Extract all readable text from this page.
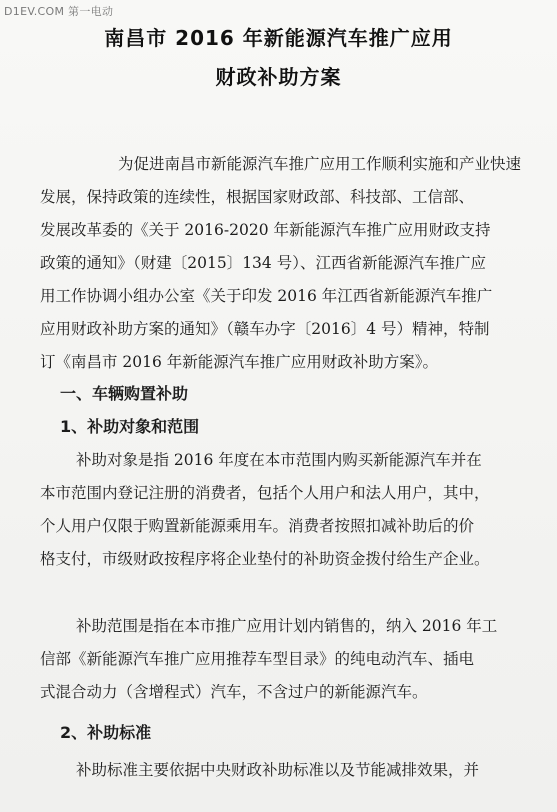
D1EV.COM 第一电动
南昌市 2016 年新能源汽车推广应用
财政补助方案
为促进南昌市新能源汽车推广应用工作顺利实施和产业快速
发展，保持政策的连续性，根据国家财政部、科技部、工信部、
发展改革委的《关于 2016-2020 年新能源汽车推广应用财政支持
政策的通知》（财建〔2015〕134 号）、江西省新能源汽车推广应
用工作协调小组办公室《关于印发 2016 年江西省新能源汽车推广
应用财政补助方案的通知》（赣车办字〔2016〕4 号）精神，特制
订《南昌市 2016 年新能源汽车推广应用财政补助方案》。
一、车辆购置补助
1、补助对象和范围
补助对象是指 2016 年度在本市范围内购买新能源汽车并在
本市范围内登记注册的消费者，包括个人用户和法人用户，其中，
个人用户仅限于购置新能源乘用车。消费者按照扣减补助后的价
格支付，市级财政按程序将企业垫付的补助资金拨付给生产企业。
补助范围是指在本市推广应用计划内销售的，纳入 2016 年工
信部《新能源汽车推广应用推荐车型目录》的纯电动汽车、插电
式混合动力（含增程式）汽车，不含过户的新能源汽车。
2、补助标准
补助标准主要依据中央财政补助标准以及节能减排效果，并
